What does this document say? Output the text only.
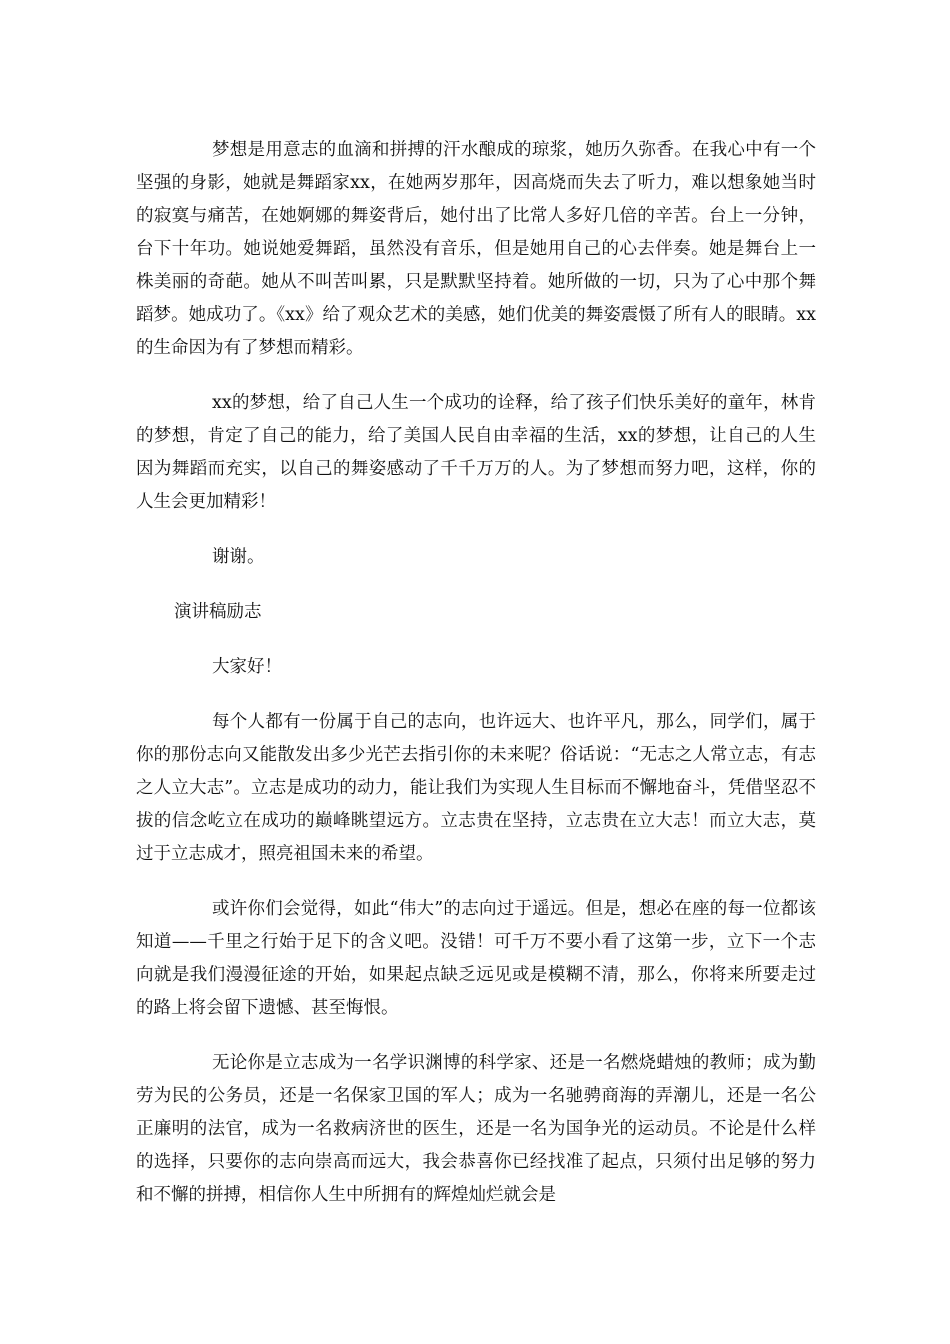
梦想是用意志的血滴和拼搏的汗水酿成的琼浆，她历久弥香。在我心中有一个坚强的身影，她就是舞蹈家xx，在她两岁那年，因高烧而失去了听力，难以想象她当时的寂寞与痛苦，在她婀娜的舞姿背后，她付出了比常人多好几倍的辛苦。台上一分钟，台下十年功。她说她爱舞蹈，虽然没有音乐，但是她用自己的心去伴奏。她是舞台上一株美丽的奇葩。她从不叫苦叫累，只是默默坚持着。她所做的一切，只为了心中那个舞蹈梦。她成功了。《xx》给了观众艺术的美感，她们优美的舞姿震慑了所有人的眼睛。xx的生命因为有了梦想而精彩。

xx的梦想，给了自己人生一个成功的诠释，给了孩子们快乐美好的童年，林肯的梦想，肯定了自己的能力，给了美国人民自由幸福的生活，xx的梦想，让自己的人生因为舞蹈而充实，以自己的舞姿感动了千千万万的人。为了梦想而努力吧，这样，你的人生会更加精彩！

谢谢。

演讲稿励志

大家好！

每个人都有一份属于自己的志向，也许远大、也许平凡，那么，同学们，属于你的那份志向又能散发出多少光芒去指引你的未来呢？俗话说：“无志之人常立志，有志之人立大志”。立志是成功的动力，能让我们为实现人生目标而不懈地奋斗，凭借坚忍不拔的信念屹立在成功的巅峰眺望远方。立志贵在坚持，立志贵在立大志！而立大志，莫过于立志成才，照亮祖国未来的希望。

或许你们会觉得，如此“伟大”的志向过于遥远。但是，想必在座的每一位都该知道——千里之行始于足下的含义吧。没错！可千万不要小看了这第一步，立下一个志向就是我们漫漫征途的开始，如果起点缺乏远见或是模糊不清，那么，你将来所要走过的路上将会留下遗憾、甚至悔恨。

无论你是立志成为一名学识渊博的科学家、还是一名燃烧蜡烛的教师；成为勤劳为民的公务员，还是一名保家卫国的军人；成为一名驰骋商海的弄潮儿，还是一名公正廉明的法官，成为一名救病济世的医生，还是一名为国争光的运动员。不论是什么样的选择，只要你的志向崇高而远大，我会恭喜你已经找准了起点，只须付出足够的努力和不懈的拼搏，相信你人生中所拥有的辉煌灿烂就会是
